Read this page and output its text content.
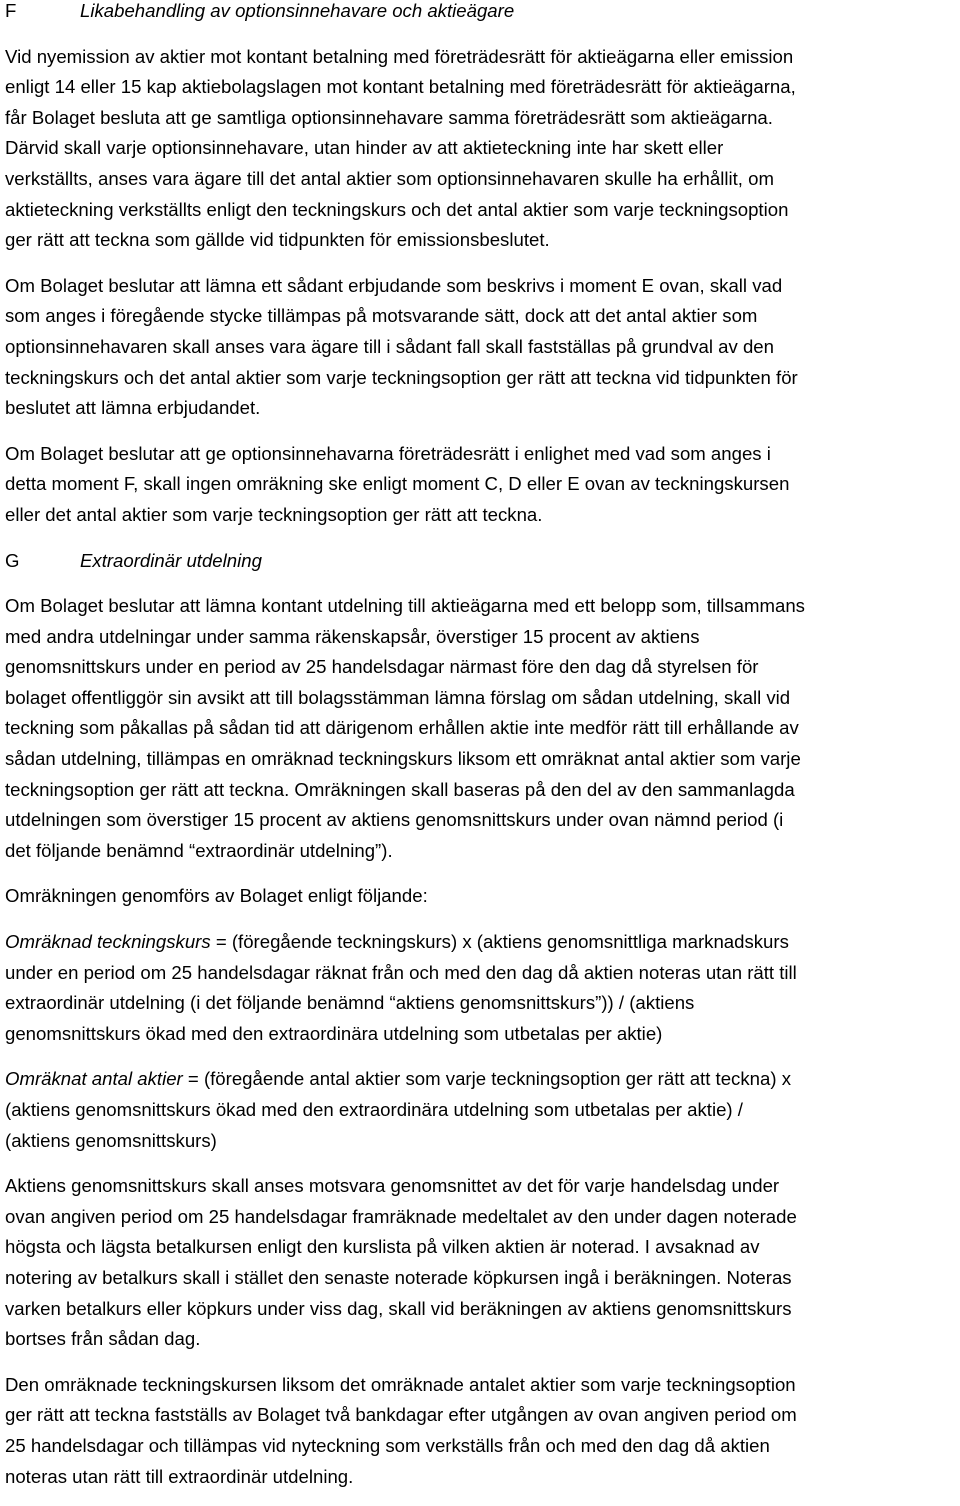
F	Likabehandling av optionsinnehavare och aktieägare

Vid nyemission av aktier mot kontant betalning med företrädesrätt för aktieägarna eller emission
enligt 14 eller 15 kap aktiebolagslagen mot kontant betalning med företrädesrätt för aktieägarna,
får Bolaget besluta att ge samtliga optionsinnehavare samma företrädesrätt som aktieägarna.
Därvid skall varje optionsinnehavare, utan hinder av att aktieteckning inte har skett eller
verkställts, anses vara ägare till det antal aktier som optionsinnehavaren skulle ha erhållit, om
aktieteckning verkställts enligt den teckningskurs och det antal aktier som varje teckningsoption
ger rätt att teckna som gällde vid tidpunkten för emissionsbeslutet.

Om Bolaget beslutar att lämna ett sådant erbjudande som beskrivs i moment E ovan, skall vad
som anges i föregående stycke tillämpas på motsvarande sätt, dock att det antal aktier som
optionsinnehavaren skall anses vara ägare till i sådant fall skall fastställas på grundval av den
teckningskurs och det antal aktier som varje teckningsoption ger rätt att teckna vid tidpunkten för
beslutet att lämna erbjudandet.

Om Bolaget beslutar att ge optionsinnehavarna företrädesrätt i enlighet med vad som anges i
detta moment F, skall ingen omräkning ske enligt moment C, D eller E ovan av teckningskursen
eller det antal aktier som varje teckningsoption ger rätt att teckna.

G	Extraordinär utdelning

Om Bolaget beslutar att lämna kontant utdelning till aktieägarna med ett belopp som, tillsammans
med andra utdelningar under samma räkenskapsår, överstiger 15 procent av aktiens
genomsnittskurs under en period av 25 handelsdagar närmast före den dag då styrelsen för
bolaget offentliggör sin avsikt att till bolagsstämman lämna förslag om sådan utdelning, skall vid
teckning som påkallas på sådan tid att därigenom erhållen aktie inte medför rätt till erhållande av
sådan utdelning, tillämpas en omräknad teckningskurs liksom ett omräknat antal aktier som varje
teckningsoption ger rätt att teckna. Omräkningen skall baseras på den del av den sammanlagda
utdelningen som överstiger 15 procent av aktiens genomsnittskurs under ovan nämnd period (i
det följande benämnd “extraordinär utdelning”).

Omräkningen genomförs av Bolaget enligt följande:

Omräknad teckningskurs = (föregående teckningskurs) x (aktiens genomsnittliga marknadskurs
under en period om 25 handelsdagar räknat från och med den dag då aktien noteras utan rätt till
extraordinär utdelning (i det följande benämnd “aktiens genomsnittskurs”)) / (aktiens
genomsnittskurs ökad med den extraordinära utdelning som utbetalas per aktie)

Omräknat antal aktier = (föregående antal aktier som varje teckningsoption ger rätt att teckna) x
(aktiens genomsnittskurs ökad med den extraordinära utdelning som utbetalas per aktie) /
(aktiens genomsnittskurs)

Aktiens genomsnittskurs skall anses motsvara genomsnittet av det för varje handelsdag under
ovan angiven period om 25 handelsdagar framräknade medeltalet av den under dagen noterade
högsta och lägsta betalkursen enligt den kurslista på vilken aktien är noterad. I avsaknad av
notering av betalkurs skall i stället den senaste noterade köpkursen ingå i beräkningen. Noteras
varken betalkurs eller köpkurs under viss dag, skall vid beräkningen av aktiens genomsnittskurs
bortses från sådan dag.

Den omräknade teckningskursen liksom det omräknade antalet aktier som varje teckningsoption
ger rätt att teckna fastställs av Bolaget två bankdagar efter utgången av ovan angiven period om
25 handelsdagar och tillämpas vid nyteckning som verkställs från och med den dag då aktien
noteras utan rätt till extraordinär utdelning.
